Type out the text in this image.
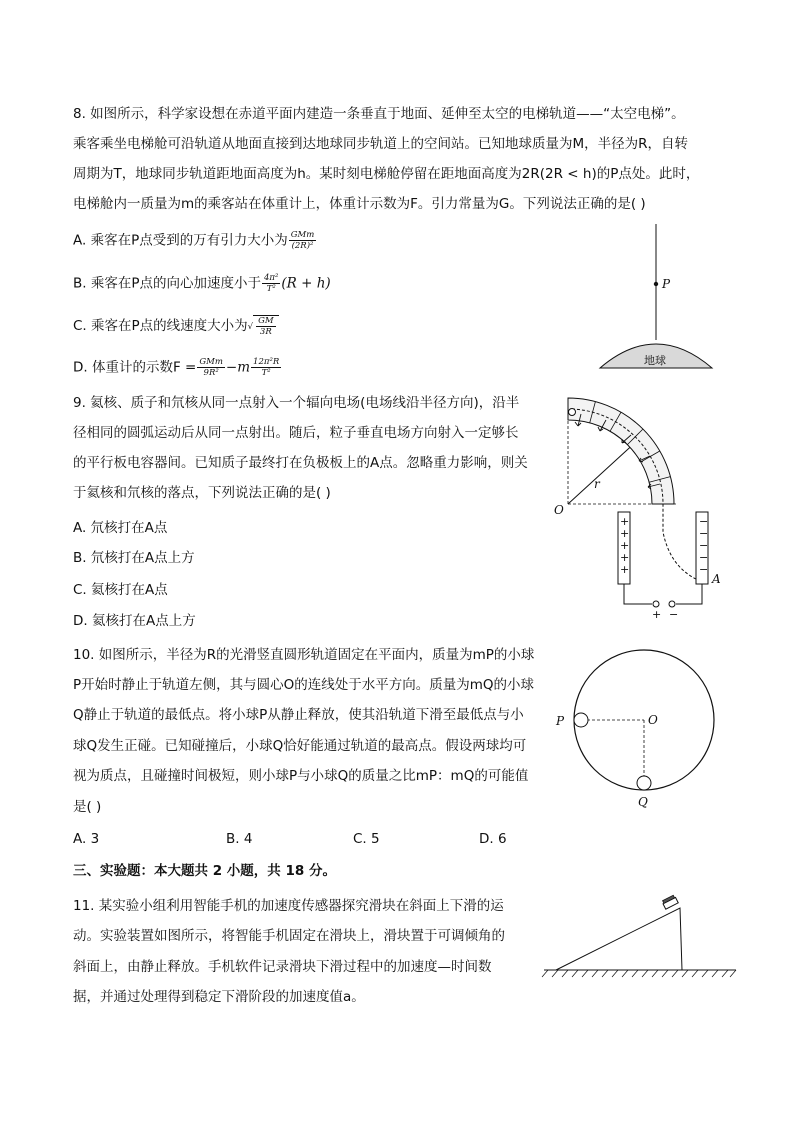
8. 如图所示，科学家设想在赤道平面内建造一条垂直于地面、延伸至太空的电梯轨道——“太空电梯”。
乘客乘坐电梯舱可沿轨道从地面直接到达地球同步轨道上的空间站。已知地球质量为M，半径为R，自转
周期为T，地球同步轨道距地面高度为h。某时刻电梯舱停留在距地面高度为2R(2R < h)的P点处。此时，
电梯舱内一质量为m的乘客站在体重计上，体重计示数为F。引力常量为G。下列说法正确的是( )
A. 乘客在P点受到的万有引力大小为 $\frac{\text{GMm}}{\text{(2R)²}}$
B. 乘客在P点的向心加速度小于 $\frac{\text{4π²}}{\text{T²}} (R + h)$
C. 乘客在P点的线速度大小为√ $\frac{GM}{3R}$
D. 体重计的示数$F = \frac{\text{GMm}}{\text{9R²}} -m \frac{\text{12π²R}}{\text{T²}}$
P
地球
9. 氦核、质子和氘核从同一点射入一个辐向电场(电场线沿半径方向)，沿半
径相同的圆弧运动后从同一点射出。随后，粒子垂直电场方向射入一定够长
的平行板电容器间。已知质子最终打在负极板上的A点。忽略重力影响，则关
于氦核和氘核的落点，下列说法正确的是( )
A. 氘核打在A点
B. 氘核打在A点上方
C. 氦核打在A点
D. 氦核打在A点上方
r
O
+
+
+
+
+
−
−
−
−
−
A
+ −
10. 如图所示，半径为R的光滑竖直圆形轨道固定在平面内，质量为mP的小球
P开始时静止于轨道左侧，其与圆心O的连线处于水平方向。质量为mQ的小球
Q静止于轨道的最低点。将小球P从静止释放，使其沿轨道下滑至最低点与小
球Q发生正碰。已知碰撞后，小球Q恰好能通过轨道的最高点。假设两球均可
视为质点，且碰撞时间极短，则小球P与小球Q的质量之比mP：mQ的可能值
是( )
A. 3	B. 4	C. 5	D. 6
P	O
Q
三、实验题：本大题共 2 小题，共 18 分。
11. 某实验小组利用智能手机的加速度传感器探究滑块在斜面上下滑的运
动。实验装置如图所示，将智能手机固定在滑块上，滑块置于可调倾角的
斜面上，由静止释放。手机软件记录滑块下滑过程中的加速度—时间数
据，并通过处理得到稳定下滑阶段的加速度值a。
